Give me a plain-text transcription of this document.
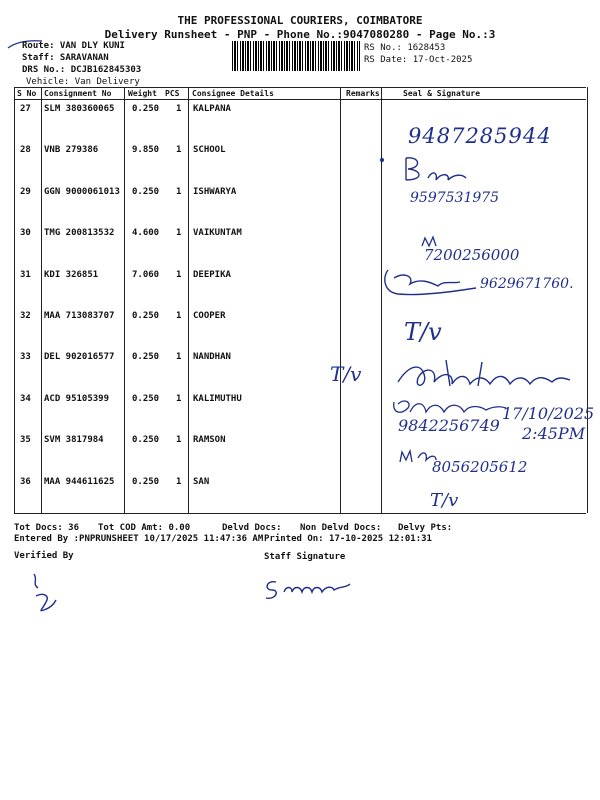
THE PROFESSIONAL COURIERS, COIMBATORE
Delivery Runsheet - PNP - Phone No.:9047080280 - Page No.:3
Route: VAN DLY KUNI
Staff: SARAVANAN
DRS No.: DCJB162845303
Vehicle: Van Delivery
RS No.: 1628453
RS Date: 17-Oct-2025
S No Consignment No Weight PCS Consignee Details	Remarks	Seal & Signature
27 SLM 380360065 0.250 1 KALPANA
28 VNB 279386	9.850 1 SCHOOL
29 GGN 9000061013 0.250 1 ISHWARYA
30 TMG 200813532 4.600 1 VAIKUNTAM
31 KDI 326851	7.060 1 DEEPIKA
32 MAA 713083707 0.250 1 COOPER
33 DEL 902016577 0.250 1 NANDHAN
34 ACD 95105399	0.250 1 KALIMUTHU
35 SVM 3817984	0.250 1 RAMSON
36 MAA 944611625 0.250 1 SAN
9487285944
9597531975
7200256000
9629671760.
T/v
T/v
9842256749
17/10/2025
2:45PM
8056205612
T/v
Tot Docs: 36 Tot COD Amt: 0.00	Delvd Docs: Non Delvd Docs: Delvy Pts:
Entered By :PNPRUNSHEET 10/17/2025 11:47:36 AM Printed On: 17-10-2025 12:01:31
Verified By	Staff Signature
